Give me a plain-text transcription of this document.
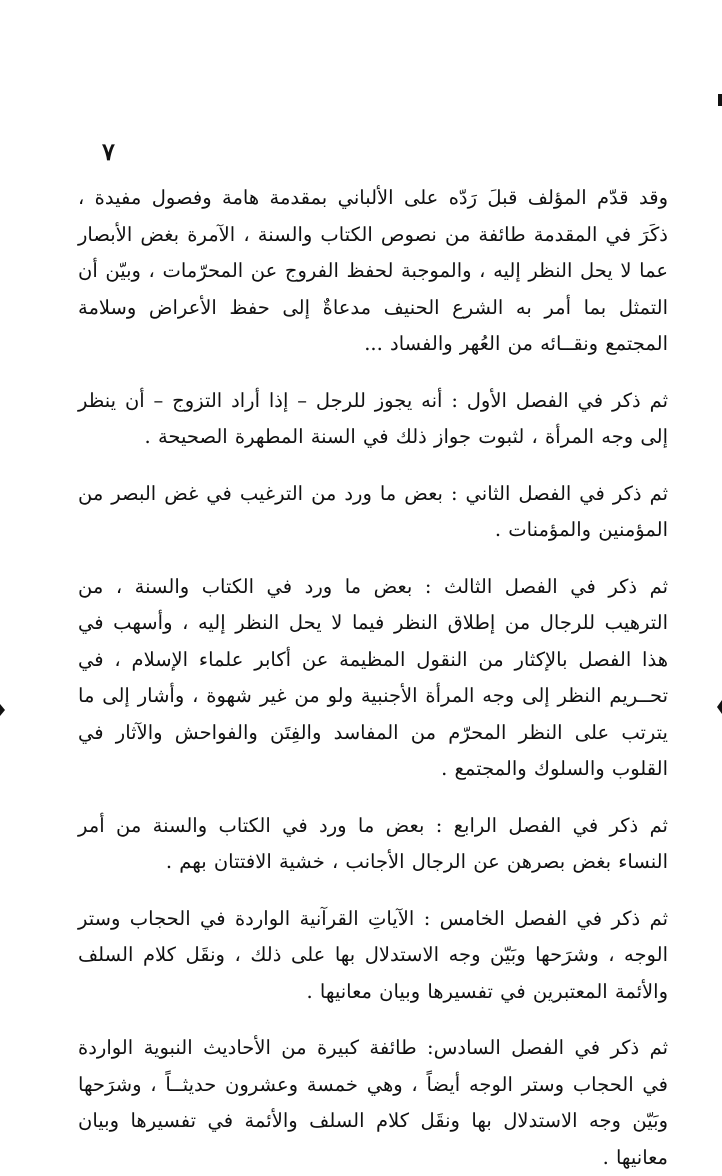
٧

وقد قدّم المؤلف قبلَ رَدّه على الألباني بمقدمة هامة وفصول مفيدة ، ذكَرَ في المقدمة طائفة من نصوص الكتاب والسنة ، الآمرة بغض الأبصار عما لا يحل النظر إليه ، والموجبة لحفظ الفروج عن المحرّمات ، وبيّن أن التمثل بما أمر به الشرع الحنيف مدعاةٌ إلى حفظ الأعراض وسلامة المجتمع ونقــائه من العُهر والفساد ...

ثم ذكر في الفصل الأول : أنه يجوز للرجل – إذا أراد التزوج – أن ينظر إلى وجه المرأة ، لثبوت جواز ذلك في السنة المطهرة الصحيحة .

ثم ذكر في الفصل الثاني : بعض ما ورد من الترغيب في غض البصر من المؤمنين والمؤمنات .

ثم ذكر في الفصل الثالث : بعض ما ورد في الكتاب والسنة ، من الترهيب للرجال من إطلاق النظر فيما لا يحل النظر إليه ، وأسهب في هذا الفصل بالإكثار من النقول المظيمة عن أكابر علماء الإسلام ، في تحــريم النظر إلى وجه المرأة الأجنبية ولو من غير شهوة ، وأشار إلى ما يترتب على النظر المحرّم من المفاسد والفِتَن والفواحش والآثار في القلوب والسلوك والمجتمع .

ثم ذكر في الفصل الرابع : بعض ما ورد في الكتاب والسنة من أمر النساء بغض بصرهن عن الرجال الأجانب ، خشية الافتتان بهم .

ثم ذكر في الفصل الخامس : الآياتِ القرآنية الواردة في الحجاب وستر الوجه ، وشرَحها وبَيّن وجه الاستدلال بها على ذلك ، ونقَل كلام السلف والأئمة المعتبرين في تفسيرها وبيان معانيها .

ثم ذكر في الفصل السادس: طائفة كبيرة من الأحاديث النبوية الواردة في الحجاب وستر الوجه أيضاً ، وهي خمسة وعشرون حديثــاً ، وشرَحها وبَيّن وجه الاستدلال بها ونقَل كلام السلف والأئمة في تفسيرها وبيان معانيها .
